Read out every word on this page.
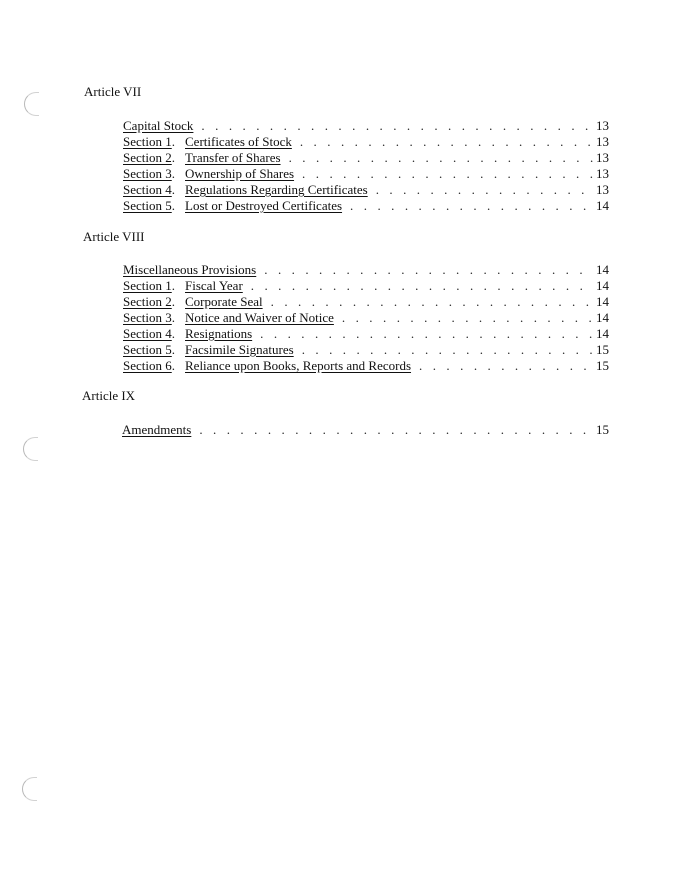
Article VII
Capital Stock . . .	13
Section 1 . Certificates of Stock . . .	13
Section 2 . Transfer of Shares . . .	13
Section 3 . Ownership of Shares . . .	13
Section 4 . Regulations Regarding Certificates . . .	13
Section 5 . Lost or Destroyed Certificates . . .	14
Article VIII
Miscellaneous Provisions . . .	14
Section 1 . Fiscal Year . . .	14
Section 2 . Corporate Seal . . .	14
Section 3 . Notice and Waiver of Notice . . .	14
Section 4 . Resignations . . .	14
Section 5 . Facsimile Signatures . . .	15
Section 6 . Reliance upon Books, Reports and Records . . .	15
Article IX
Amendments . . .	15
